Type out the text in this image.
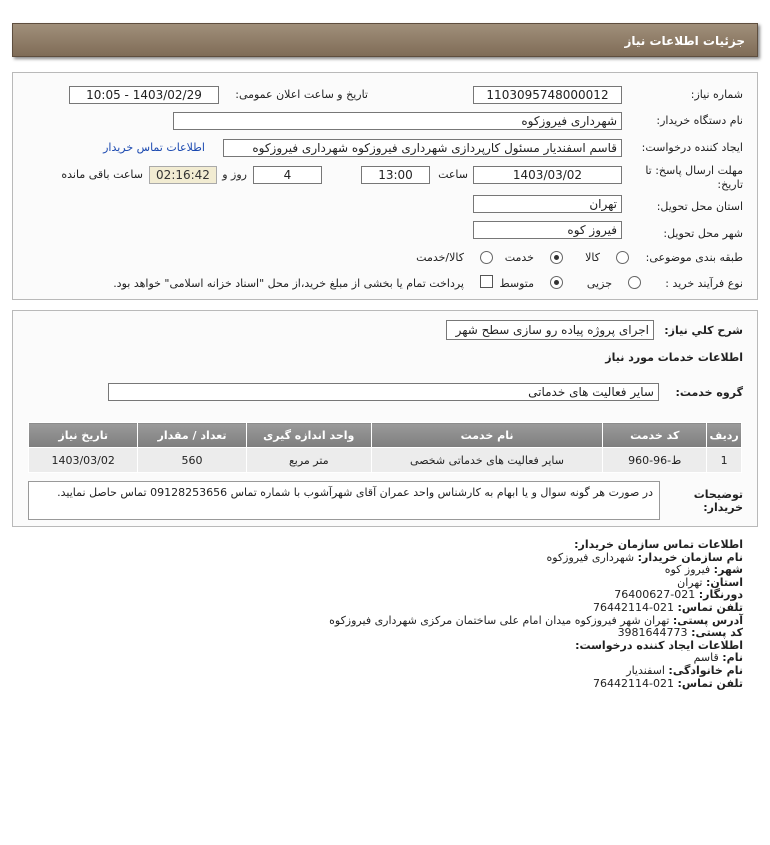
جزئیات اطلاعات نیاز
شماره نیاز:
1103095748000012
تاریخ و ساعت اعلان عمومی:
1403/02/29 - 10:05
نام دستگاه خریدار:
شهرداری فیروزکوه
ایجاد کننده درخواست:
قاسم اسفندیار مسئول کارپردازی شهرداری فیروزکوه شهرداری فیروزکوه
اطلاعات تماس خریدار
مهلت ارسال پاسخ: تا
تاریخ:
1403/03/02
ساعت
13:00
4
روز و
02:16:42
ساعت باقی مانده
استان محل تحویل:
تهران
شهر محل تحویل:
فیروز کوه
طبقه بندی موضوعی:
کالا
خدمت
کالا/خدمت
نوع فرآیند خرید :
جزیی
متوسط
پرداخت تمام یا بخشی از مبلغ خرید،از محل "اسناد خزانه اسلامی" خواهد بود.
شرح کلي نياز:
اجرای پروژه پیاده رو سازی سطح شهر
اطلاعات خدمات مورد نیاز
گروه خدمت:
سایر فعالیت های خدماتی
ردیف	کد خدمت	نام خدمت	واحد اندازه گیری	تعداد / مقدار	تاریخ نیاز
1	ط-96-960	سایر فعالیت های خدماتی شخصی	متر مربع	560	1403/03/02
توضیحات
خریدار:
در صورت هر گونه سوال و یا ابهام به کارشناس واحد عمران آقای شهرآشوب با شماره تماس 09128253656 تماس حاصل نمایید.
اطلاعات تماس سازمان خریدار:
نام سازمان خریدار: شهرداری فیروزکوه
شهر: فیروز کوه
استان: تهران
دورنگار: 021-76400627
تلفن تماس: 021-76442114
آدرس پستی: تهران شهر فیروزکوه میدان امام علی ساختمان مرکزی شهرداری فیروزکوه
کد پستی: 3981644773
اطلاعات ایجاد کننده درخواست:
نام: قاسم
نام خانوادگی: اسفندیار
تلفن تماس: 021-76442114
